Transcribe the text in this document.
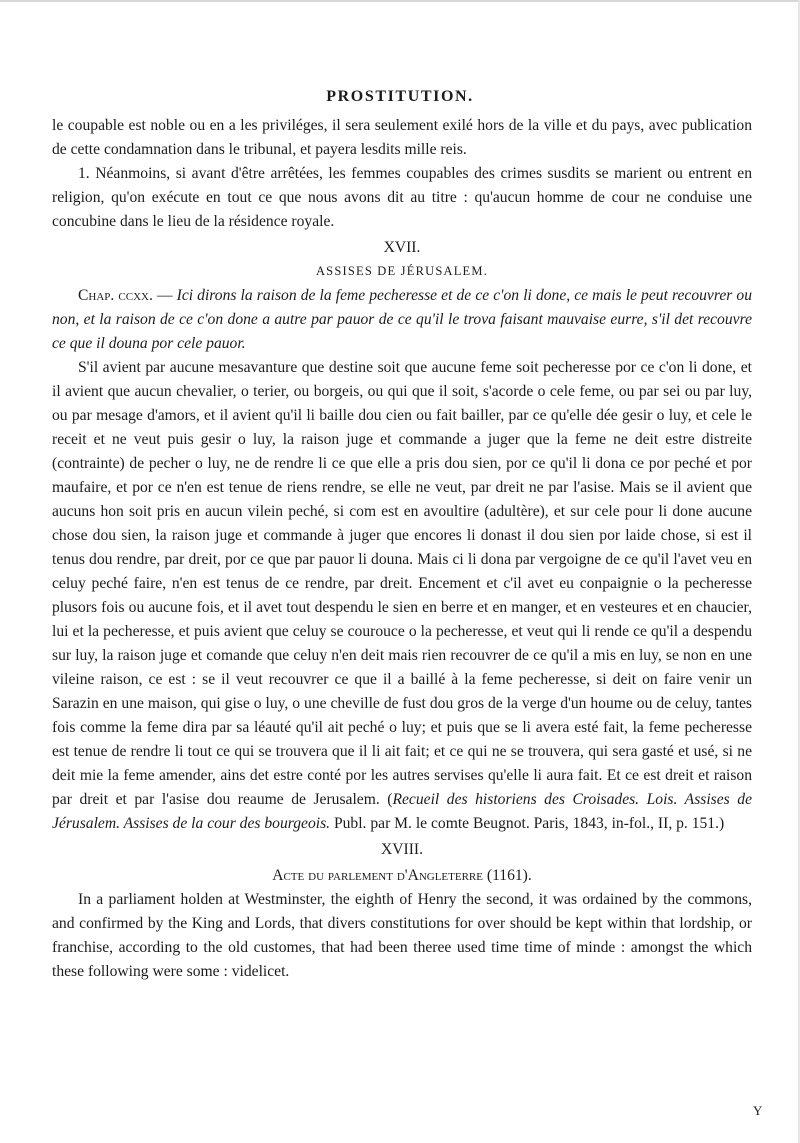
PROSTITUTION.

le coupable est noble ou en a les priviléges, il sera seulement exilé hors de la ville et du pays, avec publication de cette condamnation dans le tribunal, et payera lesdits mille reis.

1. Néanmoins, si avant d'être arrêtées, les femmes coupables des crimes susdits se marient ou entrent en religion, qu'on exécute en tout ce que nous avons dit au titre : qu'aucun homme de cour ne conduise une concubine dans le lieu de la résidence royale.

XVII.
ASSISES DE JÉRUSALEM.

Chap. ccxx. — Ici dirons la raison de la feme pecheresse et de ce c'on li done, ce mais le peut recouvrer ou non, et la raison de ce c'on done a autre par pauor de ce qu'il le trova faisant mauvaise eurre, s'il det recouvre ce que il douna por cele pauor.

S'il avient par aucune mesavanture que destine soit que aucune feme soit pecheresse por ce c'on li done, et il avient que aucun chevalier, o terier, ou borgeis, ou qui que il soit, s'acorde o cele feme, ou par sei ou par luy, ou par mesage d'amors, et il avient qu'il li baille dou cien ou fait bailler, par ce qu'elle dée gesir o luy, et cele le receit et ne veut puis gesir o luy, la raison juge et commande a juger que la feme ne deit estre distreite (contrainte) de pecher o luy, ne de rendre li ce que elle a pris dou sien, por ce qu'il li dona ce por peché et por maufaire, et por ce n'en est tenue de riens rendre, se elle ne veut, par dreit ne par l'asise. Mais se il avient que aucuns hon soit pris en aucun vilein peché, si com est en avoultire (adultère), et sur cele pour li done aucune chose dou sien, la raison juge et commande à juger que encores li donast il dou sien por laide chose, si est il tenus dou rendre, par dreit, por ce que par pauor li douna. Mais ci li dona par vergoigne de ce qu'il l'avet veu en celuy peché faire, n'en est tenus de ce rendre, par dreit. Encement et c'il avet eu conpaignie o la pecheresse plusors fois ou aucune fois, et il avet tout despendu le sien en berre et en manger, et en vesteures et en chaucier, lui et la pecheresse, et puis avient que celuy se courouce o la pecheresse, et veut qui li rende ce qu'il a despendu sur luy, la raison juge et comande que celuy n'en deit mais rien recouvrer de ce qu'il a mis en luy, se non en une vileine raison, ce est : se il veut recouvrer ce que il a baillé à la feme pecheresse, si deit on faire venir un Sarazin en une maison, qui gise o luy, o une cheville de fust dou gros de la verge d'un houme ou de celuy, tantes fois comme la feme dira par sa léauté qu'il ait peché o luy; et puis que se li avera esté fait, la feme pecheresse est tenue de rendre li tout ce qui se trouvera que il li ait fait; et ce qui ne se trouvera, qui sera gasté et usé, si ne deit mie la feme amender, ains det estre conté por les autres servises qu'elle li aura fait. Et ce est dreit et raison par dreit et par l'asise dou reaume de Jerusalem. (Recueil des historiens des Croisades. Lois. Assises de Jérusalem. Assises de la cour des bourgeois. Publ. par M. le comte Beugnot. Paris, 1843, in-fol., II, p. 151.)

XVIII.
Acte du parlement d'Angleterre (1161).

In a parliament holden at Westminster, the eighth of Henry the second, it was ordained by the commons, and confirmed by the King and Lords, that divers constitutions for over should be kept within that lordship, or franchise, according to the old customes, that had been theree used time time of minde : amongst the which these following were some : videlicet.

Y
